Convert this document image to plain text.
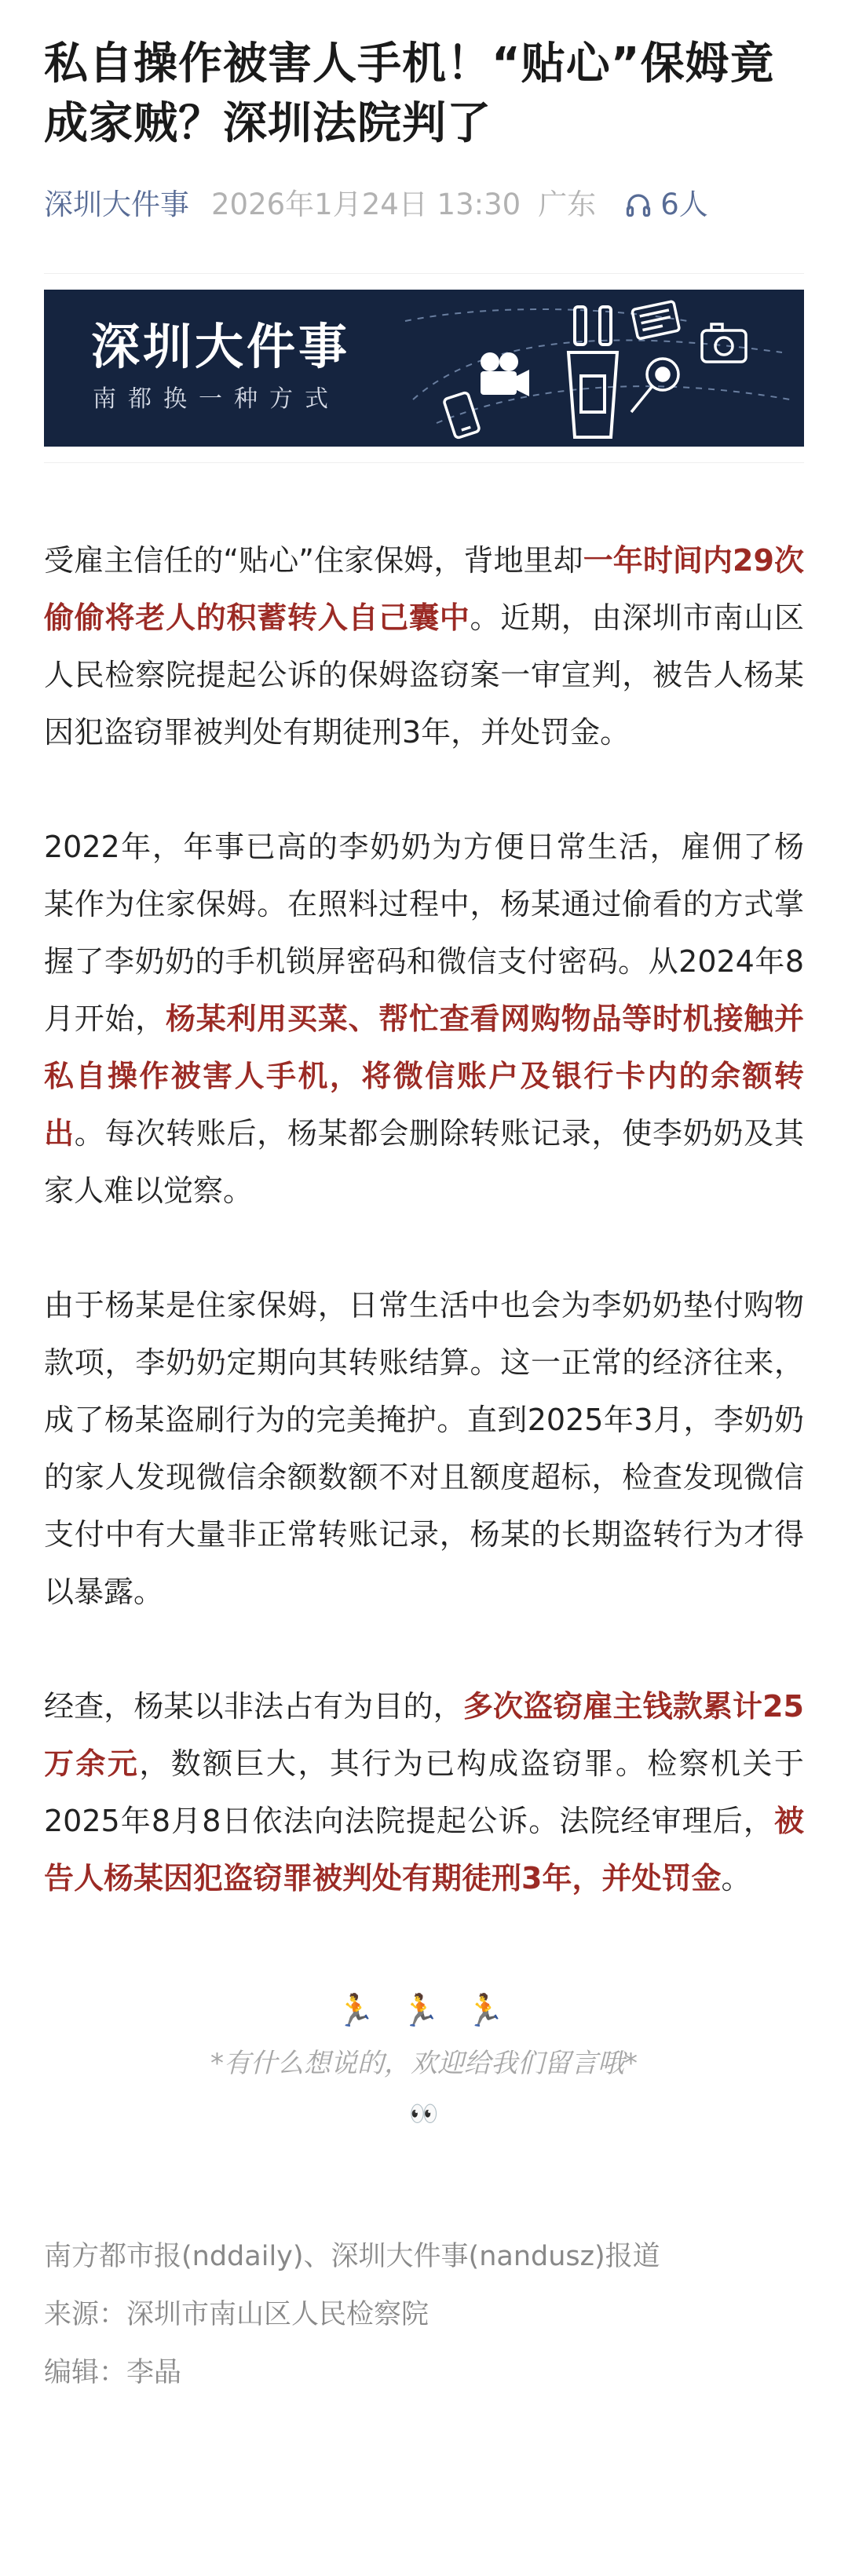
私自操作被害人手机！“贴心”保姆竟成家贼？深圳法院判了
深圳大件事 2026年1月24日 13:30 广东 6人
深圳大件事
南都换一种方式

受雇主信任的“贴心”住家保姆，背地里却一年时间内29次偷偷将老人的积蓄转入自己囊中。近期，由深圳市南山区人民检察院提起公诉的保姆盗窃案一审宣判，被告人杨某因犯盗窃罪被判处有期徒刑3年，并处罚金。

2022年，年事已高的李奶奶为方便日常生活，雇佣了杨某作为住家保姆。在照料过程中，杨某通过偷看的方式掌握了李奶奶的手机锁屏密码和微信支付密码。从2024年8月开始，杨某利用买菜、帮忙查看网购物品等时机接触并私自操作被害人手机，将微信账户及银行卡内的余额转出。每次转账后，杨某都会删除转账记录，使李奶奶及其家人难以觉察。

由于杨某是住家保姆，日常生活中也会为李奶奶垫付购物款项，李奶奶定期向其转账结算。这一正常的经济往来，成了杨某盗刷行为的完美掩护。直到2025年3月，李奶奶的家人发现微信余额数额不对且额度超标，检查发现微信支付中有大量非正常转账记录，杨某的长期盗转行为才得以暴露。

经查，杨某以非法占有为目的，多次盗窃雇主钱款累计25万余元，数额巨大，其行为已构成盗窃罪。检察机关于2025年8月8日依法向法院提起公诉。法院经审理后，被告人杨某因犯盗窃罪被判处有期徒刑3年，并处罚金。

🏃 🏃 🏃
*有什么想说的，欢迎给我们留言哦*
👀
南方都市报(nddaily)、深圳大件事(nandusz)报道
来源：深圳市南山区人民检察院
编辑：李晶
